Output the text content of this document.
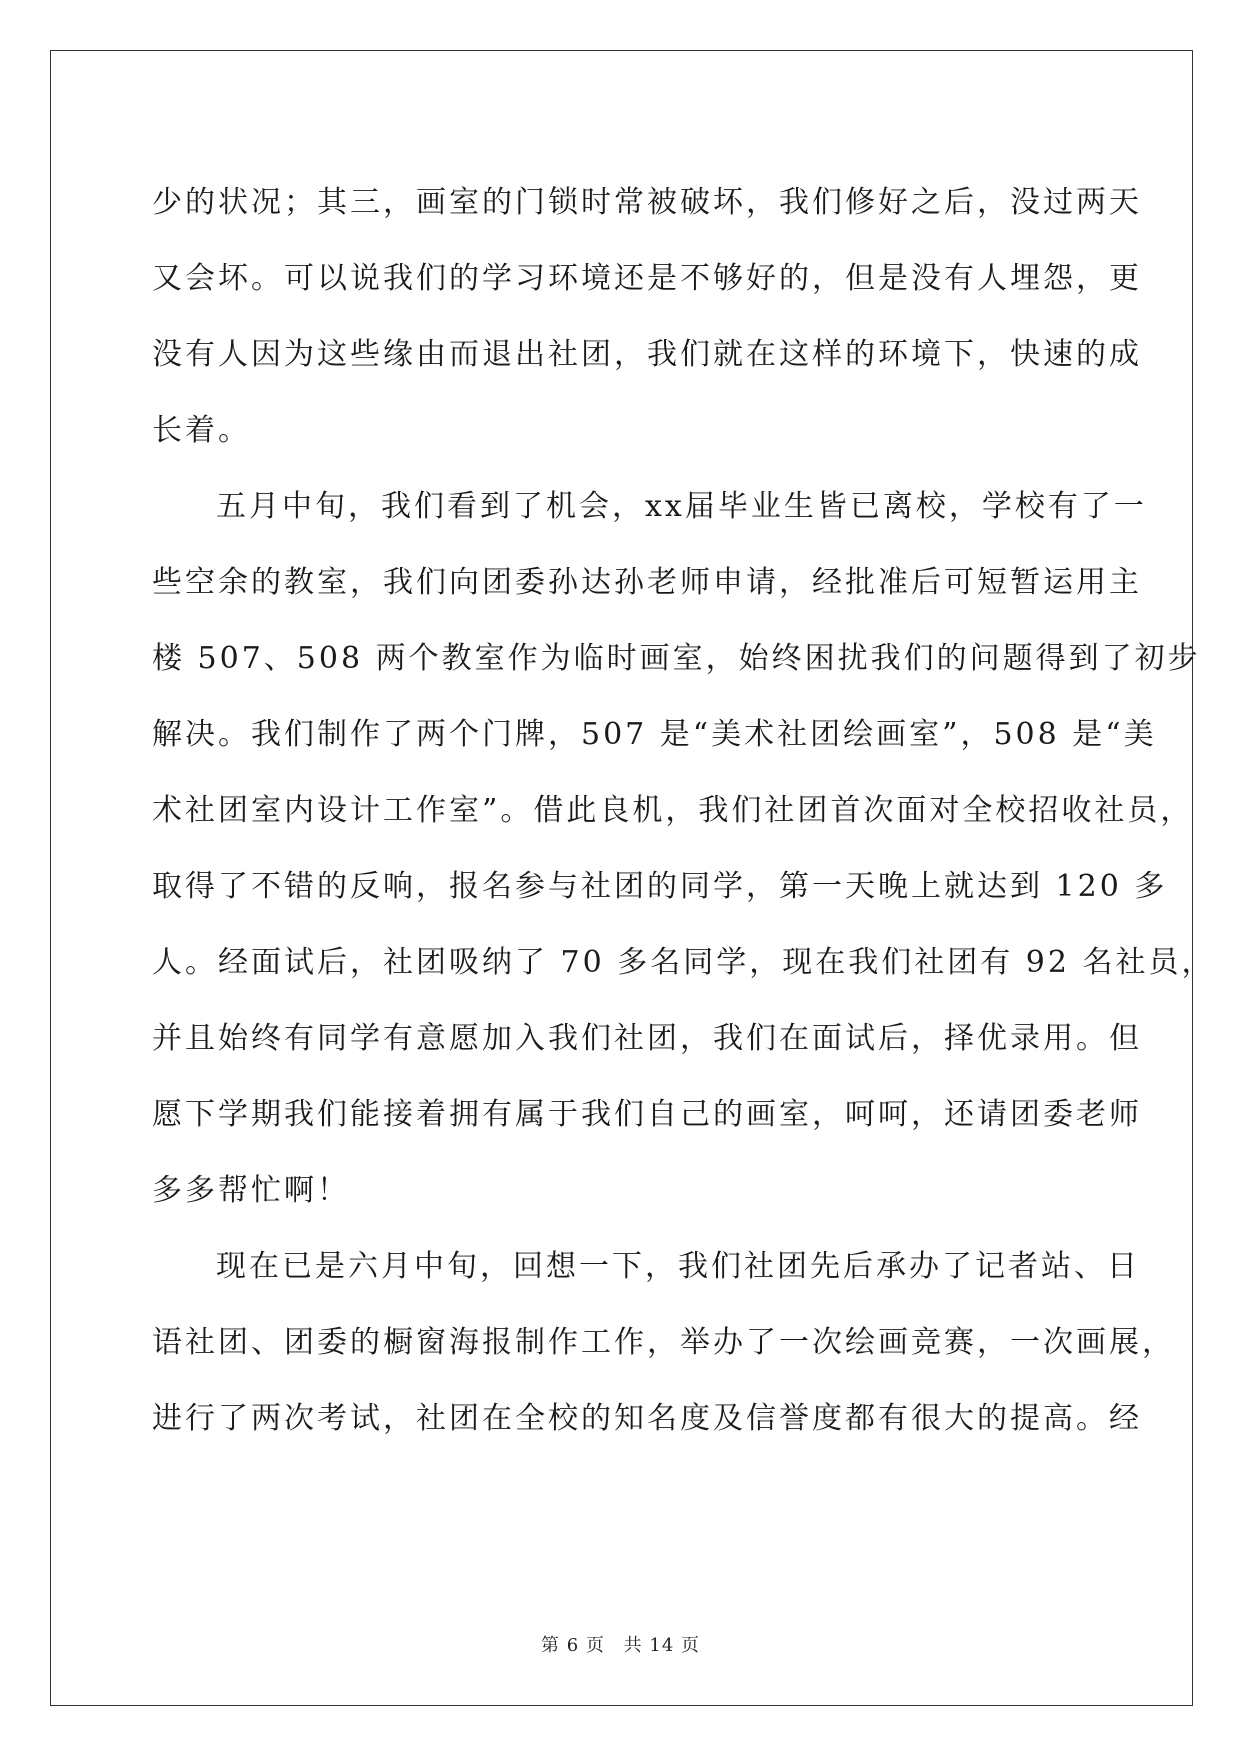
少的状况；其三，画室的门锁时常被破坏，我们修好之后，没过两天
又会坏。可以说我们的学习环境还是不够好的，但是没有人埋怨，更
没有人因为这些缘由而退出社团，我们就在这样的环境下，快速的成
长着。

五月中旬，我们看到了机会，xx届毕业生皆已离校，学校有了一
些空余的教室，我们向团委孙达孙老师申请，经批准后可短暂运用主
楼 507、508 两个教室作为临时画室，始终困扰我们的问题得到了初步
解决。我们制作了两个门牌，507 是“美术社团绘画室”，508 是“美
术社团室内设计工作室”。借此良机，我们社团首次面对全校招收社员，
取得了不错的反响，报名参与社团的同学，第一天晚上就达到 120 多
人。经面试后，社团吸纳了 70 多名同学，现在我们社团有 92 名社员，
并且始终有同学有意愿加入我们社团，我们在面试后，择优录用。但
愿下学期我们能接着拥有属于我们自己的画室，呵呵，还请团委老师
多多帮忙啊！

现在已是六月中旬，回想一下，我们社团先后承办了记者站、日
语社团、团委的橱窗海报制作工作，举办了一次绘画竞赛，一次画展，
进行了两次考试，社团在全校的知名度及信誉度都有很大的提高。经

第 6 页 共 14 页
